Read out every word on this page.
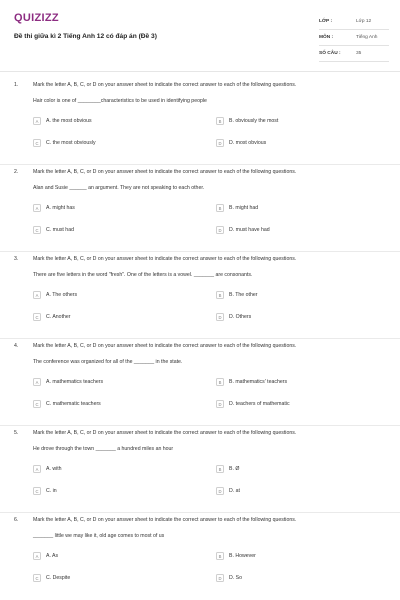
QUIZIZZ
Đề thi giữa kì 2 Tiếng Anh 12 có đáp án (Đề 3)
LỚP :	Lớp 12
MÔN :	Tiếng Anh
SỐ CÂU :	35
1.	Mark the letter A, B, C, or D on your answer sheet to indicate the correct answer to each of the following questions.
Hair color is one of ________characteristics to be used in identifying people
A	A. the most obvious	B	B. obviously the most
C	C. the most obviously	D	D. most obvious
2.	Mark the letter A, B, C, or D on your answer sheet to indicate the correct answer to each of the following questions.
Alan and Susie ______ an argument. They are not speaking to each other.
A	A. might has	B	B. might had
C	C. must had	D	D. must have had
3.	Mark the letter A, B, C, or D on your answer sheet to indicate the correct answer to each of the following questions.
There are five letters in the word "fresh". One of the letters is a vowel. _______ are consonants.
A	A. The others	B	B. The other
C	C. Another	D	D. Others
4.	Mark the letter A, B, C, or D on your answer sheet to indicate the correct answer to each of the following questions.
The conference was organized for all of the _______ in the state.
A	A. mathematics teachers	B	B. mathematics' teachers
C	C. mathematic teachers	D	D. teachers of mathematic
5.	Mark the letter A, B, C, or D on your answer sheet to indicate the correct answer to each of the following questions.
He drove through the town _______ a hundred miles an hour
A	A. with	B	B. Ø
C	C. in	D	D. at
6.	Mark the letter A, B, C, or D on your answer sheet to indicate the correct answer to each of the following questions.
_______ little we may like it, old age comes to most of us
A	A. As	B	B. However
C	C. Despite	D	D. So
